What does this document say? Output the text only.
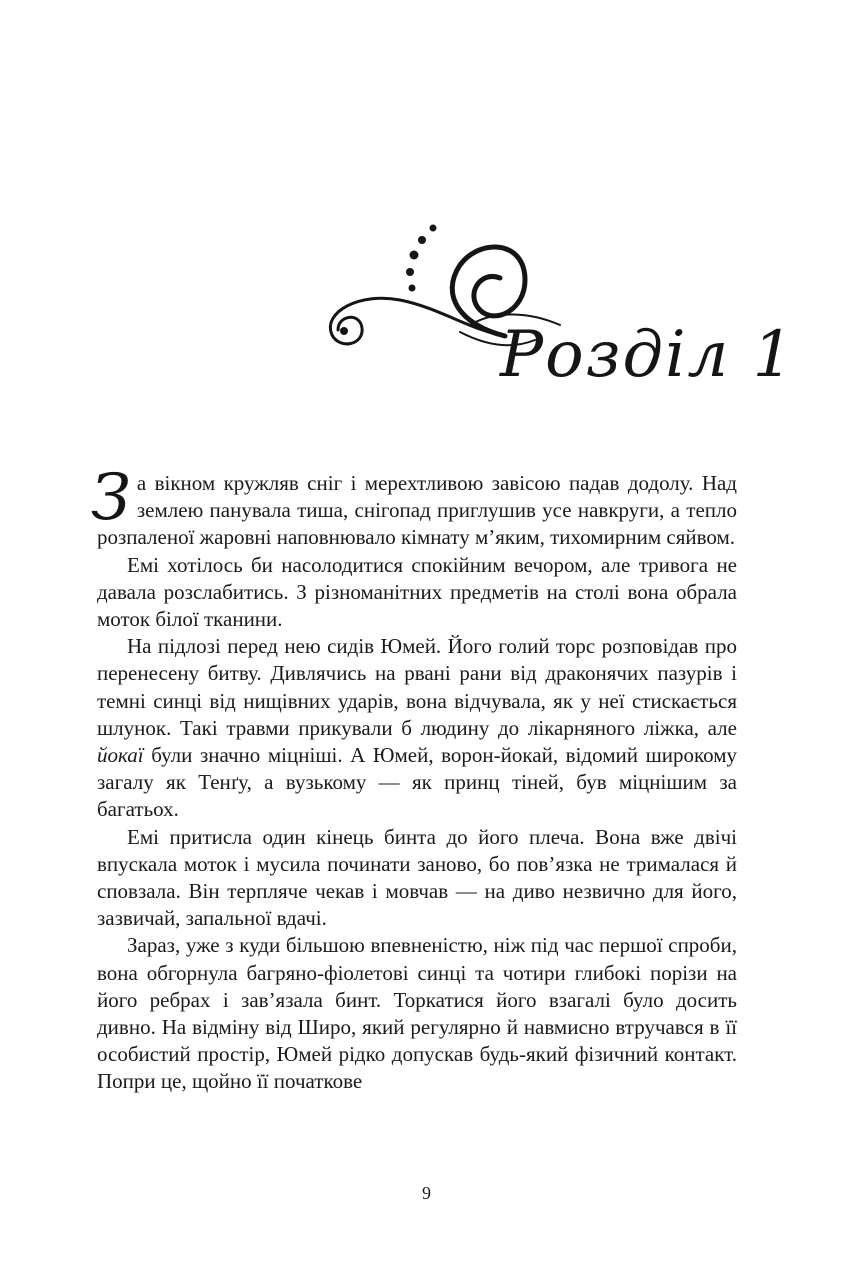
Розділ 1

За вікном кружляв сніг і мерехтливою завісою падав додолу. Над землею панувала тиша, снігопад приглушив усе навкруги, а тепло розпаленої жаровні наповнювало кімнату м’яким, тихомирним сяйвом.

Емі хотілось би насолодитися спокійним вечором, але тривога не давала розслабитись. З різноманітних предметів на столі вона обрала моток білої тканини.

На підлозі перед нею сидів Юмей. Його голий торс розповідав про перенесену битву. Дивлячись на рвані рани від драконячих пазурів і темні синці від нищівних ударів, вона відчувала, як у неї стискається шлунок. Такі травми прикували б людину до лікарняного ліжка, але йокаї були значно міцніші. А Юмей, ворон-йокай, відомий широкому загалу як Тенґу, а вузькому — як принц тіней, був міцнішим за багатьох.

Емі притисла один кінець бинта до його плеча. Вона вже двічі впускала моток і мусила починати заново, бо пов’язка не трималася й сповзала. Він терпляче чекав і мовчав — на диво незвично для його, зазвичай, запальної вдачі.

Зараз, уже з куди більшою впевненістю, ніж під час першої спроби, вона обгорнула багряно-фіолетові синці та чотири глибокі порізи на його ребрах і зав’язала бинт. Торкатися його взагалі було досить дивно. На відміну від Широ, який регулярно й навмисно втручався в її особистий простір, Юмей рідко допускав будь-який фізичний контакт. Попри це, щойно її початкове

9
